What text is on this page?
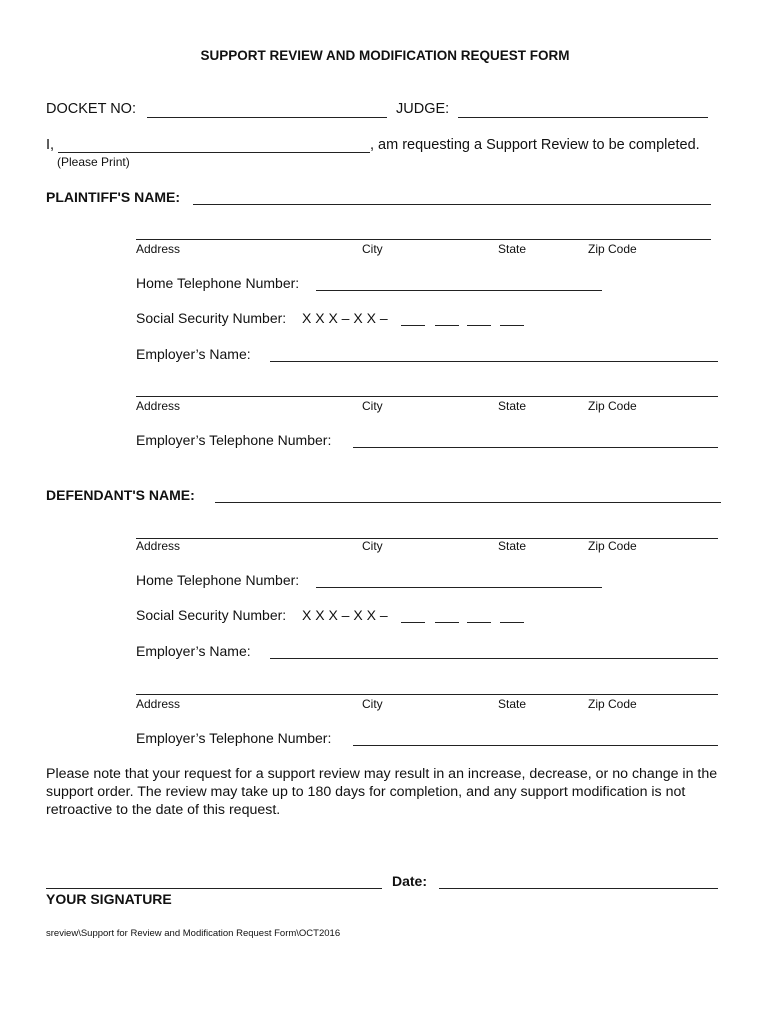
SUPPORT REVIEW AND MODIFICATION REQUEST FORM
DOCKET NO:	JUDGE:
I,	, am requesting a Support Review to be completed.
(Please Print)
PLAINTIFF'S NAME:
Address	City	State	Zip Code
Home Telephone Number:
Social Security Number: X X X – X X –
Employer’s Name:
Address	City	State	Zip Code
Employer’s Telephone Number:
DEFENDANT'S NAME:
Address	City	State	Zip Code
Home Telephone Number:
Social Security Number: X X X – X X –
Employer’s Name:
Address	City	State	Zip Code
Employer’s Telephone Number:
Please note that your request for a support review may result in an increase, decrease, or no change in the support order. The review may take up to 180 days for completion, and any support modification is not retroactive to the date of this request.
Date:
YOUR SIGNATURE
sreview\Support for Review and Modification Request Form\OCT2016
